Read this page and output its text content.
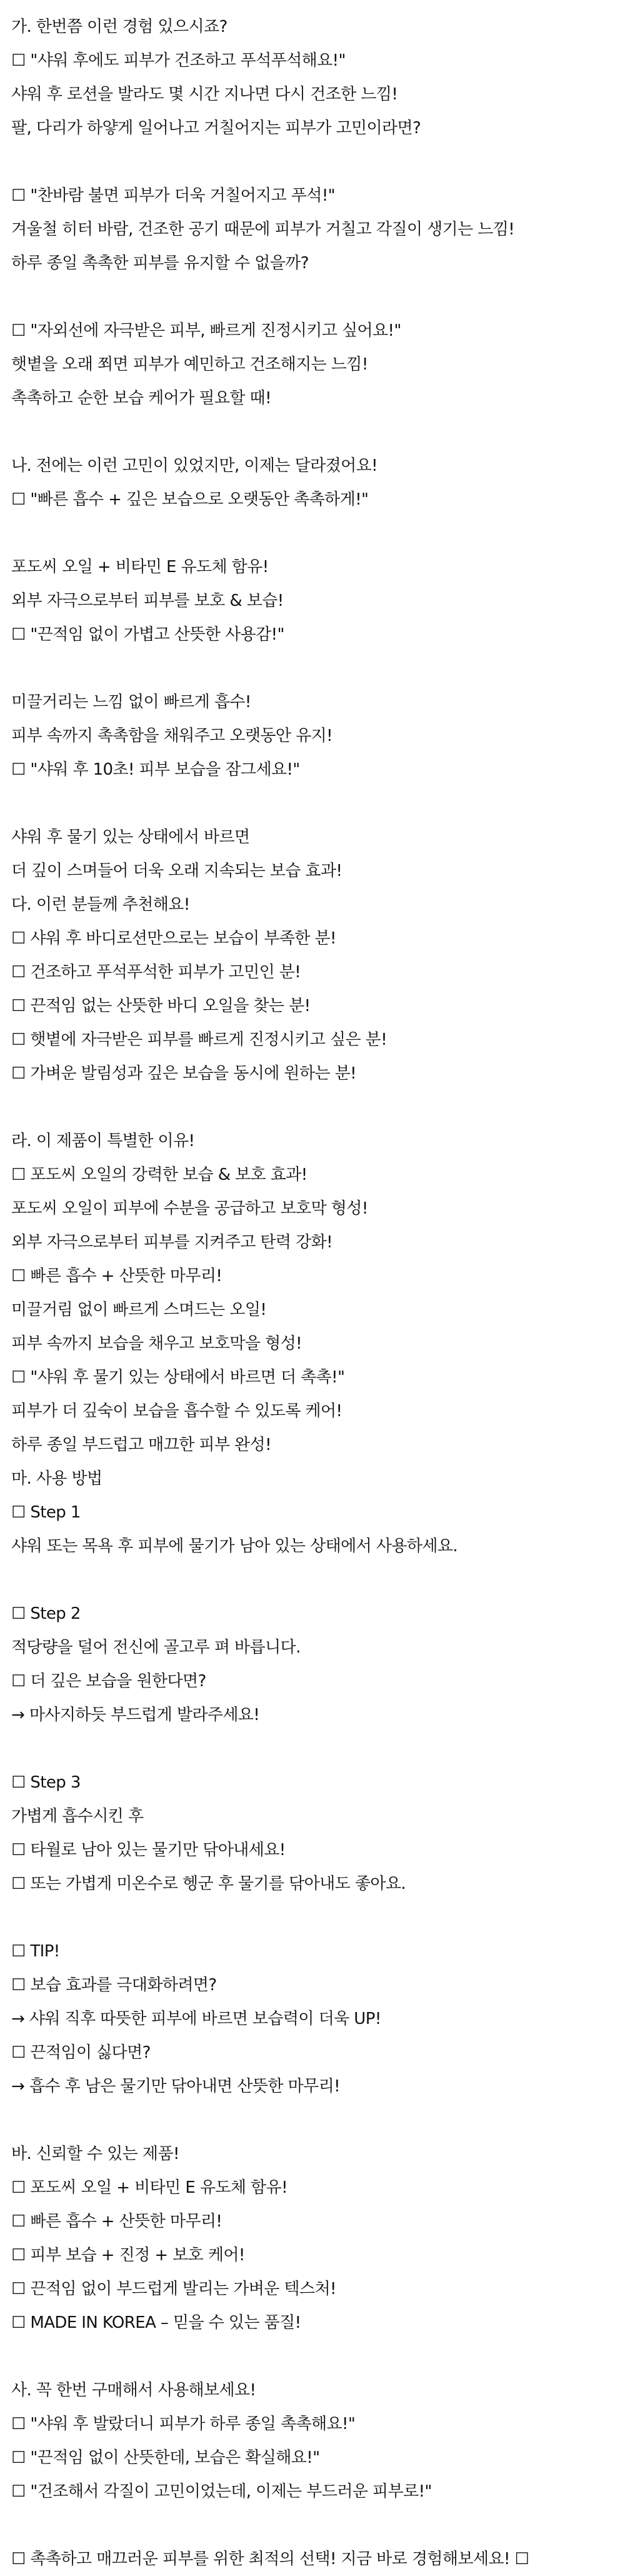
가. 한번쯤 이런 경험 있으시죠?
☐ "샤워 후에도 피부가 건조하고 푸석푸석해요!"
샤워 후 로션을 발라도 몇 시간 지나면 다시 건조한 느낌!
팔, 다리가 하얗게 일어나고 거칠어지는 피부가 고민이라면?
☐ "찬바람 불면 피부가 더욱 거칠어지고 푸석!"
겨울철 히터 바람, 건조한 공기 때문에 피부가 거칠고 각질이 생기는 느낌!
하루 종일 촉촉한 피부를 유지할 수 없을까?
☐ "자외선에 자극받은 피부, 빠르게 진정시키고 싶어요!"
햇볕을 오래 쬐면 피부가 예민하고 건조해지는 느낌!
촉촉하고 순한 보습 케어가 필요할 때!
나. 전에는 이런 고민이 있었지만, 이제는 달라졌어요!
☐ "빠른 흡수 + 깊은 보습으로 오랫동안 촉촉하게!"
포도씨 오일 + 비타민 E 유도체 함유!
외부 자극으로부터 피부를 보호 & 보습!
☐ "끈적임 없이 가볍고 산뜻한 사용감!"
미끌거리는 느낌 없이 빠르게 흡수!
피부 속까지 촉촉함을 채워주고 오랫동안 유지!
☐ "샤워 후 10초! 피부 보습을 잠그세요!"
샤워 후 물기 있는 상태에서 바르면
더 깊이 스며들어 더욱 오래 지속되는 보습 효과!
다. 이런 분들께 추천해요!
☐ 샤워 후 바디로션만으로는 보습이 부족한 분!
☐ 건조하고 푸석푸석한 피부가 고민인 분!
☐ 끈적임 없는 산뜻한 바디 오일을 찾는 분!
☐ 햇볕에 자극받은 피부를 빠르게 진정시키고 싶은 분!
☐ 가벼운 발림성과 깊은 보습을 동시에 원하는 분!
라. 이 제품이 특별한 이유!
☐ 포도씨 오일의 강력한 보습 & 보호 효과!
포도씨 오일이 피부에 수분을 공급하고 보호막 형성!
외부 자극으로부터 피부를 지켜주고 탄력 강화!
☐ 빠른 흡수 + 산뜻한 마무리!
미끌거림 없이 빠르게 스며드는 오일!
피부 속까지 보습을 채우고 보호막을 형성!
☐ "샤워 후 물기 있는 상태에서 바르면 더 촉촉!"
피부가 더 깊숙이 보습을 흡수할 수 있도록 케어!
하루 종일 부드럽고 매끄한 피부 완성!
마. 사용 방법
☐ Step 1
샤워 또는 목욕 후 피부에 물기가 남아 있는 상태에서 사용하세요.
☐ Step 2
적당량을 덜어 전신에 골고루 펴 바릅니다.
☐ 더 깊은 보습을 원한다면?
→ 마사지하듯 부드럽게 발라주세요!
☐ Step 3
가볍게 흡수시킨 후
☐ 타월로 남아 있는 물기만 닦아내세요!
☐ 또는 가볍게 미온수로 헹군 후 물기를 닦아내도 좋아요.
☐ TIP!
☐ 보습 효과를 극대화하려면?
→ 샤워 직후 따뜻한 피부에 바르면 보습력이 더욱 UP!
☐ 끈적임이 싫다면?
→ 흡수 후 남은 물기만 닦아내면 산뜻한 마무리!
바. 신뢰할 수 있는 제품!
☐ 포도씨 오일 + 비타민 E 유도체 함유!
☐ 빠른 흡수 + 산뜻한 마무리!
☐ 피부 보습 + 진정 + 보호 케어!
☐ 끈적임 없이 부드럽게 발리는 가벼운 텍스처!
☐ MADE IN KOREA – 믿을 수 있는 품질!
사. 꼭 한번 구매해서 사용해보세요!
☐ "샤워 후 발랐더니 피부가 하루 종일 촉촉해요!"
☐ "끈적임 없이 산뜻한데, 보습은 확실해요!"
☐ "건조해서 각질이 고민이었는데, 이제는 부드러운 피부로!"
☐ 촉촉하고 매끄러운 피부를 위한 최적의 선택! 지금 바로 경험해보세요! ☐
